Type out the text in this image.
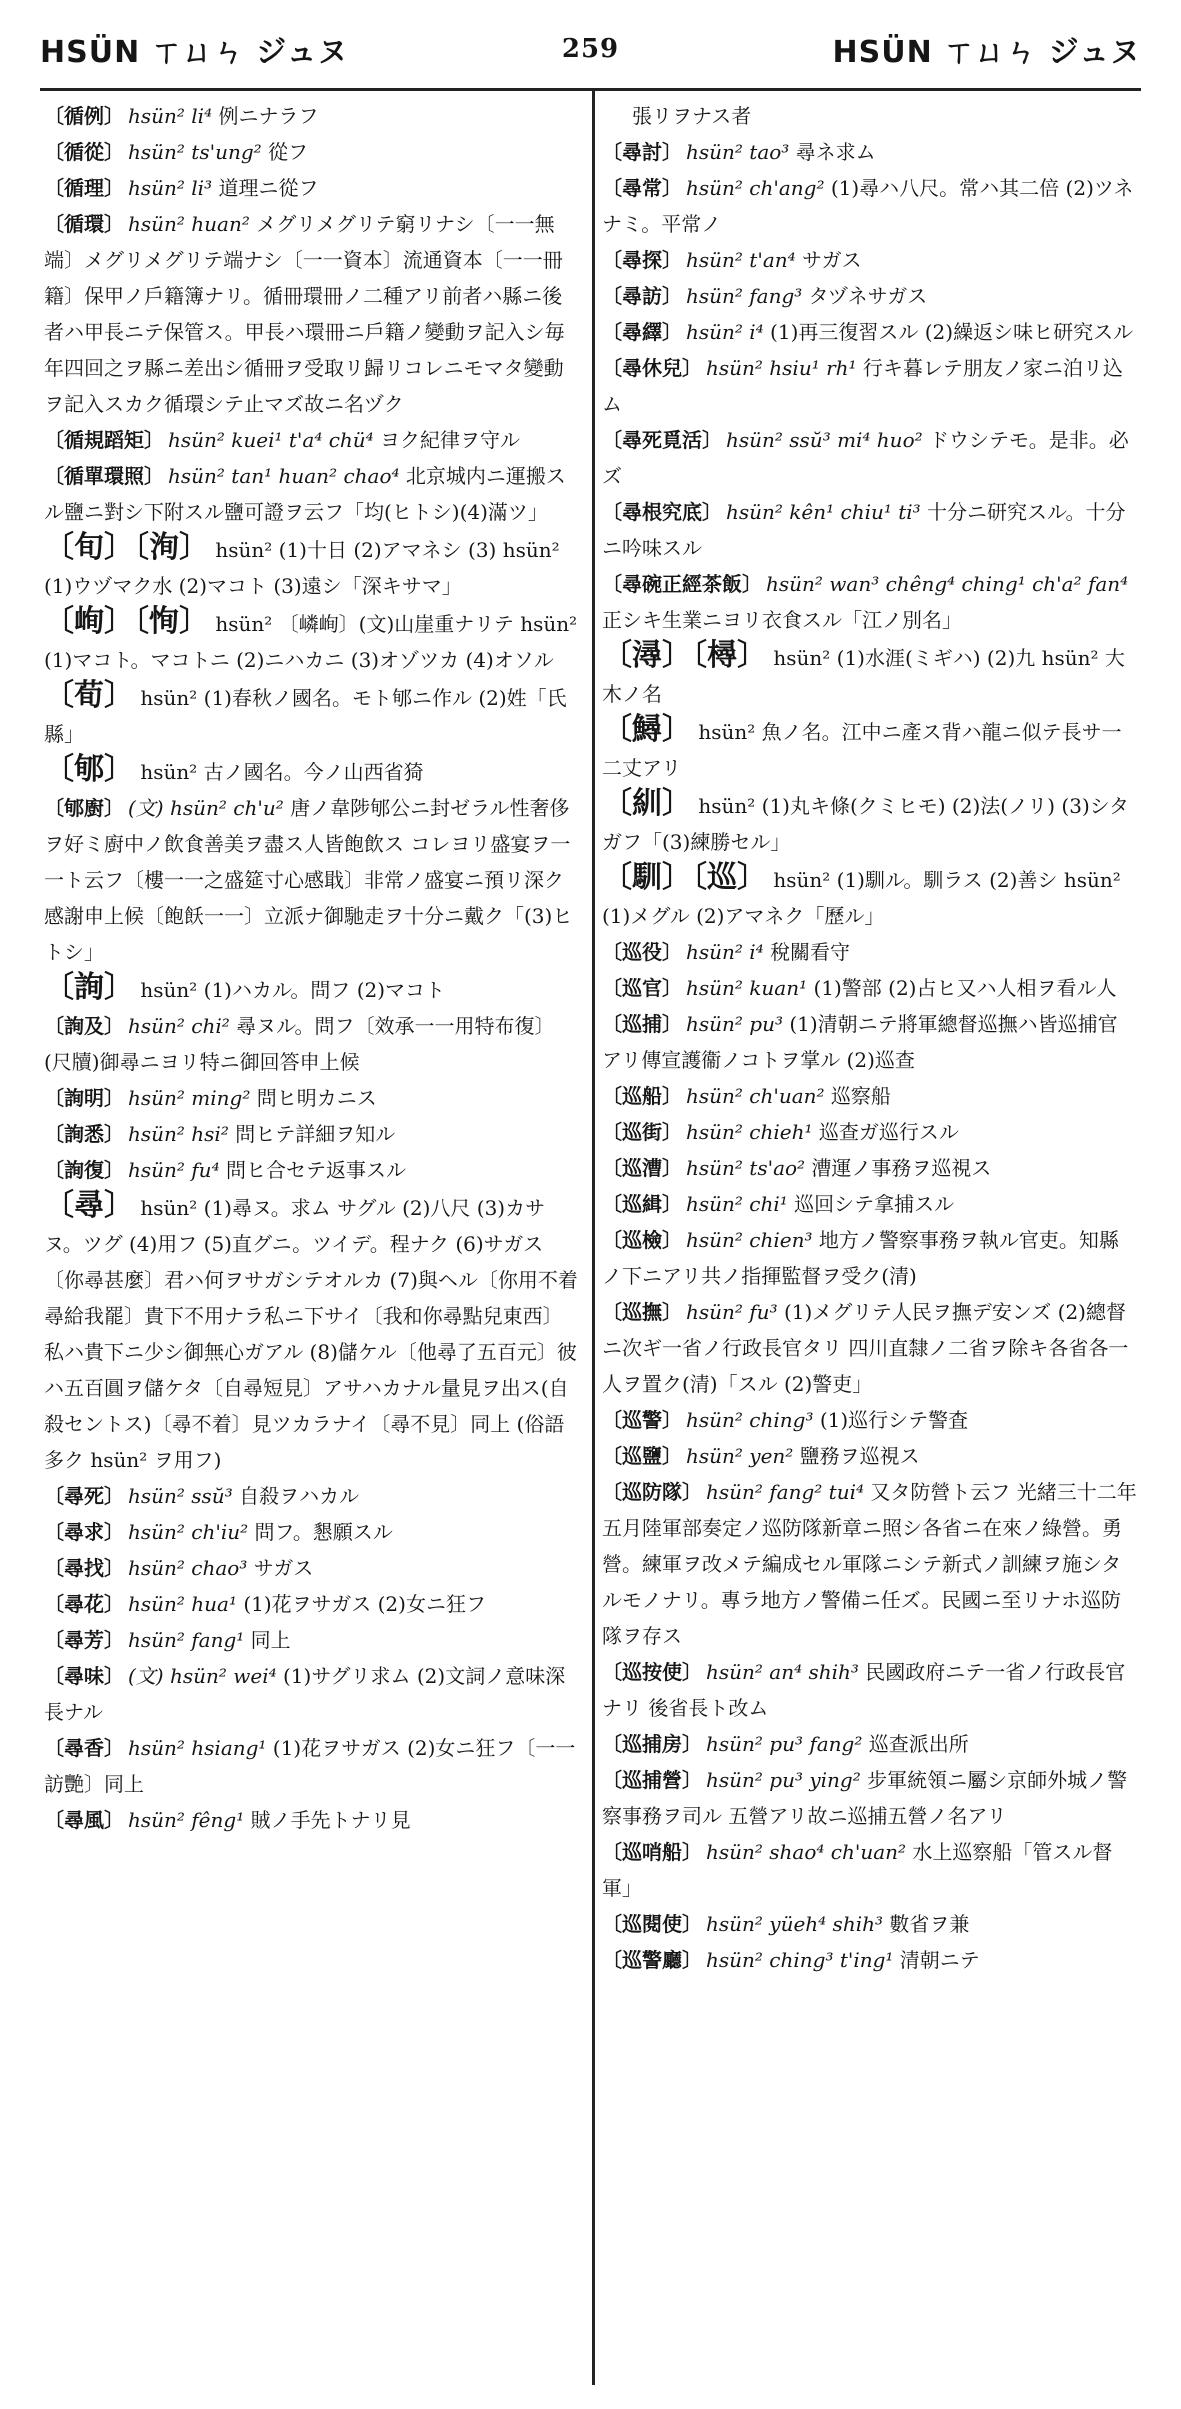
HSÜN ㄒㄩㄣ ジュヌ	259	HSÜN ㄒㄩㄣ ジュヌ

〔循例〕 hsün² li⁴ 例ニナラフ

〔循從〕 hsün² ts'ung² 從フ

〔循理〕 hsün² li³ 道理ニ從フ

〔循環〕 hsün² huan² メグリメグリテ窮リナシ〔一一無端〕メグリメグリテ端ナシ〔一一資本〕流通資本〔一一冊籍〕保甲ノ戶籍簿ナリ。循冊環冊ノ二種アリ前者ハ縣ニ後者ハ甲長ニテ保管ス。甲長ハ環冊ニ戶籍ノ變動ヲ記入シ毎年四回之ヲ縣ニ差出シ循冊ヲ受取リ歸リコレニモマタ變動ヲ記入スカク循環シテ止マズ故ニ名ヅク

〔循規蹈矩〕 hsün² kuei¹ t'a⁴ chü⁴ ヨク紀律ヲ守ル

〔循單環照〕 hsün² tan¹ huan² chao⁴ 北京城内ニ運搬スル鹽ニ對シ下附スル鹽可證ヲ云フ「均(ヒトシ)(4)滿ツ」

〔旬〕〔洵〕 hsün² (1)十日 (2)アマネシ (3) hsün² (1)ウヅマク水 (2)マコト (3)遠シ「深キサマ」

〔峋〕〔恂〕 hsün² 〔嶙峋〕(文)山崖重ナリテ hsün² (1)マコト。マコトニ (2)ニハカニ (3)オゾツカ (4)オソル

〔荀〕 hsün² (1)春秋ノ國名。モト郇ニ作ル (2)姓「氏縣」

〔郇〕 hsün² 古ノ國名。今ノ山西省猗

〔郇廚〕 (文) hsün² ch'u² 唐ノ韋陟郇公ニ封ゼラル性奢侈ヲ好ミ廚中ノ飲食善美ヲ盡ス人皆飽飲ス コレヨリ盛宴ヲ一一ト云フ〔樓一一之盛筵寸心感戢〕非常ノ盛宴ニ預リ深ク感謝申上候〔飽飫一一〕立派ナ御馳走ヲ十分ニ戴ク「(3)ヒトシ」

〔詢〕 hsün² (1)ハカル。問フ (2)マコト

〔詢及〕 hsün² chi² 尋ヌル。問フ〔效承一一用特布復〕(尺牘)御尋ニヨリ特ニ御回答申上候

〔詢明〕 hsün² ming² 問ヒ明カニス

〔詢悉〕 hsün² hsi² 問ヒテ詳細ヲ知ル

〔詢復〕 hsün² fu⁴ 問ヒ合セテ返事スル

〔尋〕 hsün² (1)尋ヌ。求ム サグル (2)八尺 (3)カサヌ。ツグ (4)用フ (5)直グニ。ツイデ。程ナク (6)サガス〔你尋甚麼〕君ハ何ヲサガシテオルカ (7)與ヘル〔你用不着尋給我罷〕貴下不用ナラ私ニ下サイ〔我和你尋點兒東西〕私ハ貴下ニ少シ御無心ガアル (8)儲ケル〔他尋了五百元〕彼ハ五百圓ヲ儲ケタ〔自尋短見〕アサハカナル量見ヲ出ス(自殺セントス)〔尋不着〕見ツカラナイ〔尋不見〕同上 (俗語多ク hsün² ヲ用フ)

〔尋死〕 hsün² ssŭ³ 自殺ヲハカル

〔尋求〕 hsün² ch'iu² 問フ。懇願スル

〔尋找〕 hsün² chao³ サガス

〔尋花〕 hsün² hua¹ (1)花ヲサガス (2)女ニ狂フ

〔尋芳〕 hsün² fang¹ 同上

〔尋味〕 (文) hsün² wei⁴ (1)サグリ求ム (2)文詞ノ意味深長ナル

〔尋香〕 hsün² hsiang¹ (1)花ヲサガス (2)女ニ狂フ〔一一訪艷〕同上

〔尋風〕 hsün² fêng¹ 賊ノ手先トナリ見

張リヲナス者

〔尋討〕 hsün² tao³ 尋ネ求ム

〔尋常〕 hsün² ch'ang² (1)尋ハ八尺。常ハ其二倍 (2)ツネナミ。平常ノ

〔尋探〕 hsün² t'an⁴ サガス

〔尋訪〕 hsün² fang³ タヅネサガス

〔尋繹〕 hsün² i⁴ (1)再三復習スル (2)繰返シ味ヒ研究スル

〔尋休兒〕 hsün² hsiu¹ rh¹ 行キ暮レテ朋友ノ家ニ泊リ込ム

〔尋死覓活〕 hsün² ssŭ³ mi⁴ huo² ドウシテモ。是非。必ズ

〔尋根究底〕 hsün² kên¹ chiu¹ ti³ 十分ニ研究スル。十分ニ吟味スル

〔尋碗正經茶飯〕 hsün² wan³ chêng⁴ ching¹ ch'a² fan⁴ 正シキ生業ニヨリ衣食スル「江ノ別名」

〔潯〕〔樳〕 hsün² (1)水涯(ミギハ) (2)九 hsün² 大木ノ名

〔鱘〕 hsün² 魚ノ名。江中ニ產ス背ハ龍ニ似テ長サ一二丈アリ

〔紃〕 hsün² (1)丸キ條(クミヒモ) (2)法(ノリ) (3)シタガフ「(3)練勝セル」

〔馴〕〔巡〕 hsün² (1)馴ル。馴ラス (2)善シ hsün² (1)メグル (2)アマネク「歷ル」

〔巡役〕 hsün² i⁴ 稅關看守

〔巡官〕 hsün² kuan¹ (1)警部 (2)占ヒ又ハ人相ヲ看ル人

〔巡捕〕 hsün² pu³ (1)清朝ニテ將軍總督巡撫ハ皆巡捕官アリ傳宣護衞ノコトヲ掌ル (2)巡查

〔巡船〕 hsün² ch'uan² 巡察船

〔巡街〕 hsün² chieh¹ 巡查ガ巡行スル

〔巡漕〕 hsün² ts'ao² 漕運ノ事務ヲ巡視ス

〔巡緝〕 hsün² chi¹ 巡回シテ拿捕スル

〔巡檢〕 hsün² chien³ 地方ノ警察事務ヲ執ル官吏。知縣ノ下ニアリ共ノ指揮監督ヲ受ク(清)

〔巡撫〕 hsün² fu³ (1)メグリテ人民ヲ撫デ安ンズ (2)總督ニ次ギ一省ノ行政長官タリ 四川直隸ノ二省ヲ除キ各省各一人ヲ置ク(清)「スル (2)警吏」

〔巡警〕 hsün² ching³ (1)巡行シテ警査

〔巡鹽〕 hsün² yen² 鹽務ヲ巡視ス

〔巡防隊〕 hsün² fang² tui⁴ 又タ防營ト云フ 光緒三十二年五月陸軍部奏定ノ巡防隊新章ニ照シ各省ニ在來ノ綠營。勇營。練軍ヲ改メテ編成セル軍隊ニシテ新式ノ訓練ヲ施シタルモノナリ。專ラ地方ノ警備ニ任ズ。民國ニ至リナホ巡防隊ヲ存ス

〔巡按使〕 hsün² an⁴ shih³ 民國政府ニテ一省ノ行政長官ナリ 後省長ト改ム

〔巡捕房〕 hsün² pu³ fang² 巡查派出所

〔巡捕營〕 hsün² pu³ ying² 步軍統領ニ屬シ京師外城ノ警察事務ヲ司ル 五營アリ故ニ巡捕五營ノ名アリ

〔巡哨船〕 hsün² shao⁴ ch'uan² 水上巡察船「管スル督軍」

〔巡閱使〕 hsün² yüeh⁴ shih³ 數省ヲ兼

〔巡警廳〕 hsün² ching³ t'ing¹ 清朝ニテ
